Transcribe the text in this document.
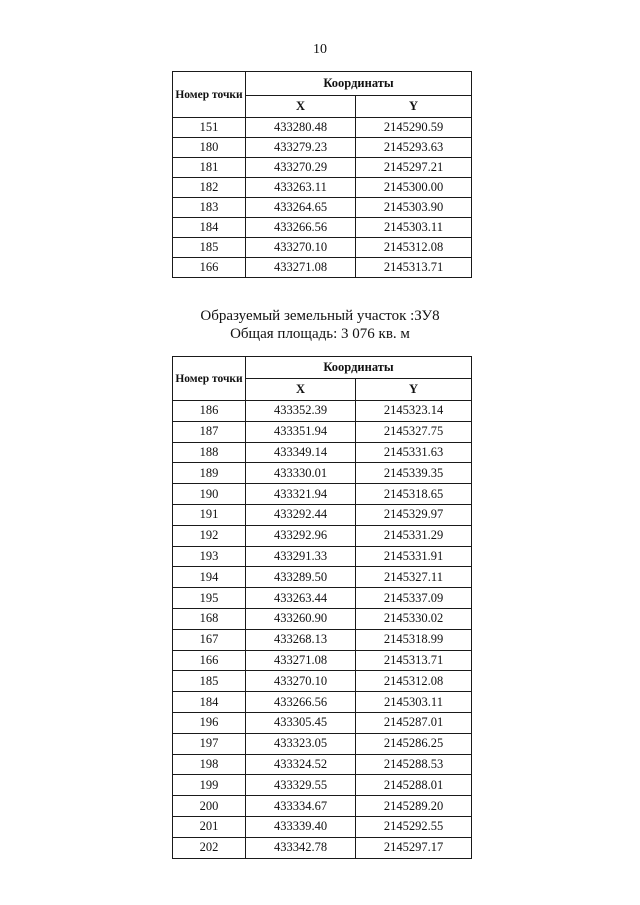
10
Номер точки	Координаты	
	X	Y
151	433280.48	2145290.59
180	433279.23	2145293.63
181	433270.29	2145297.21
182	433263.11	2145300.00
183	433264.65	2145303.90
184	433266.56	2145303.11
185	433270.10	2145312.08
166	433271.08	2145313.71
Образуемый земельный участок :ЗУ8
Общая площадь: 3 076 кв. м
Номер точки	Координаты	
	X	Y
186	433352.39	2145323.14
187	433351.94	2145327.75
188	433349.14	2145331.63
189	433330.01	2145339.35
190	433321.94	2145318.65
191	433292.44	2145329.97
192	433292.96	2145331.29
193	433291.33	2145331.91
194	433289.50	2145327.11
195	433263.44	2145337.09
168	433260.90	2145330.02
167	433268.13	2145318.99
166	433271.08	2145313.71
185	433270.10	2145312.08
184	433266.56	2145303.11
196	433305.45	2145287.01
197	433323.05	2145286.25
198	433324.52	2145288.53
199	433329.55	2145288.01
200	433334.67	2145289.20
201	433339.40	2145292.55
202	433342.78	2145297.17
